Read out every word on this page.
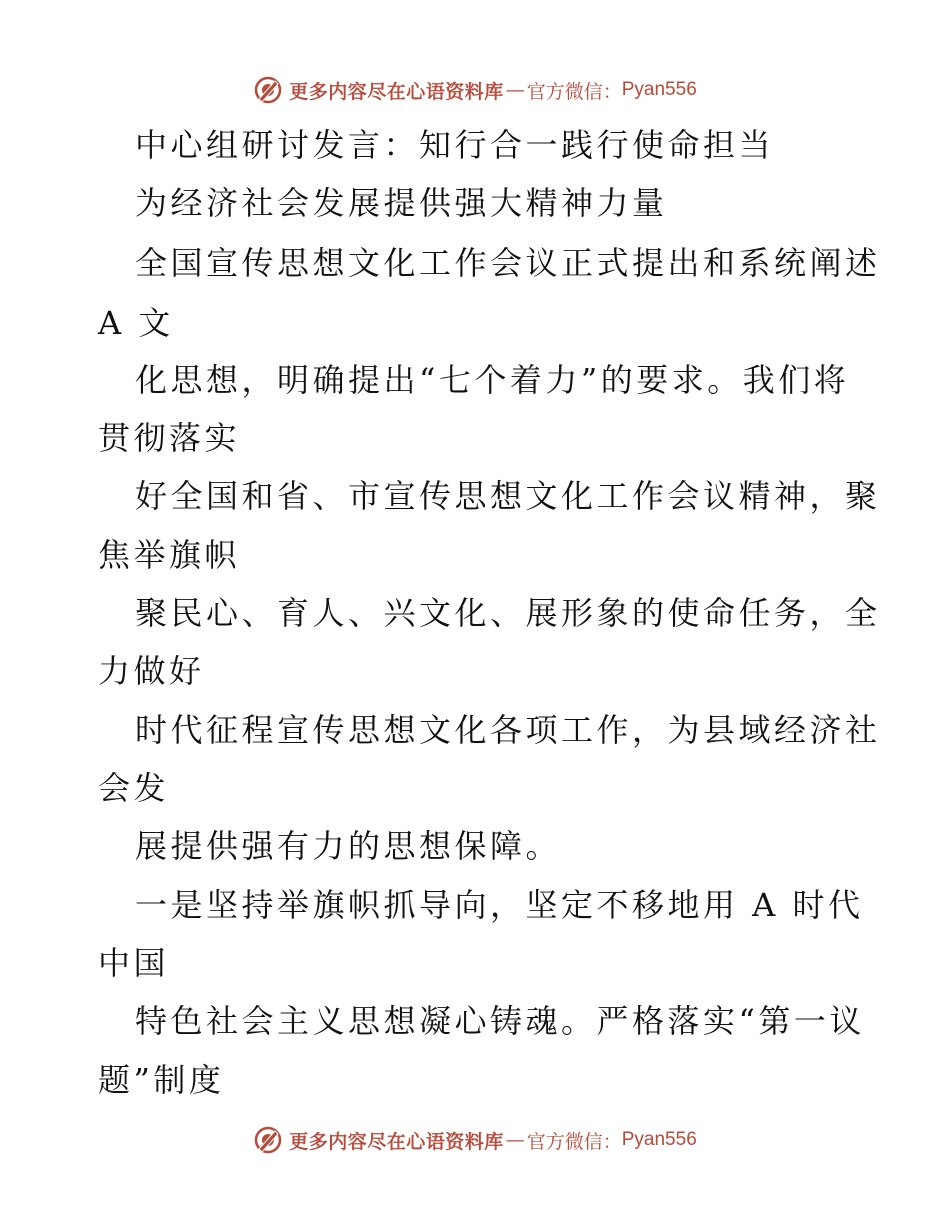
更多内容尽在心语资料库 — 官方微信： Pyan556
中心组研讨发言：知行合一践行使命担当
为经济社会发展提供强大精神力量
全国宣传思想文化工作会议正式提出和系统阐述
A 文
化思想，明确提出“七个着力”的要求。我们将
贯彻落实
好全国和省、市宣传思想文化工作会议精神，聚
焦举旗帜
聚民心、育人、兴文化、展形象的使命任务，全
力做好
时代征程宣传思想文化各项工作，为县域经济社
会发
展提供强有力的思想保障。
一是坚持举旗帜抓导向，坚定不移地用 A 时代
中国
特色社会主义思想凝心铸魂。严格落实“第一议
题”制度
更多内容尽在心语资料库 — 官方微信： Pyan556
